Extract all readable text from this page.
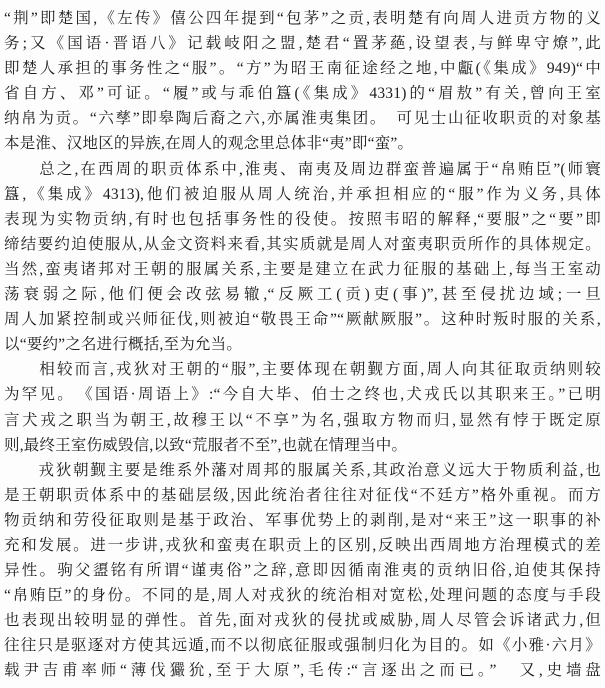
“荆”即楚国,《左传》僖公四年提到“包茅”之贡,表明楚有向周人进贡方物的义
务;又《国语·晋语八》记载岐阳之盟,楚君“置茅蕝,设望表,与鲜卑守燎”,此
即楚人承担的事务性之“服”。“方”为昭王南征途经之地,中甗(《集成》949)“中
省自方、邓”可证。“履”或与乖伯簋(《集成》4331)的“眉敖”有关,曾向王室
纳帛为贡。“六孳”即皋陶后裔之六,亦属淮夷集团。　可见士山征收职贡的对象基
本是淮、汉地区的异族,在周人的观念里总体非“夷”即“蛮”。
　　总之,在西周的职贡体系中,淮夷、南夷及周边群蛮普遍属于“帛贿臣”(师寰
簋,《集成》4313),他们被迫服从周人统治,并承担相应的“服”作为义务,具体
表现为实物贡纳,有时也包括事务性的役使。按照韦昭的解释,“要服”之“要”即
缔结要约迫使服从,从金文资料来看,其实质就是周人对蛮夷职贡所作的具体规定。
当然,蛮夷诸邦对王朝的服属关系,主要是建立在武力征服的基础上,每当王室动
荡衰弱之际,他们便会改弦易辙,“反厥工(贡)吏(事)”,甚至侵扰边域;一旦
周人加紧控制或兴师征伐,则被迫“敬畏王命”“厥献厥服”。这种时叛时服的关系,
以“要约”之名进行概括,至为允当。
　　相较而言,戎狄对王朝的“服”,主要体现在朝觐方面,周人向其征取贡纳则较
为罕见。　《国语·周语上》:“今自大毕、伯士之终也,犬戎氏以其职来王。”已明
言犬戎之职当为朝王,故穆王以“不享”为名,强取方物而归,显然有悖于既定原
则,最终王室伤威毁信,以致“荒服者不至”,也就在情理当中。
　　戎狄朝觐主要是维系外藩对周邦的服属关系,其政治意义远大于物质利益,也
是王朝职贡体系中的基础层级,因此统治者往往对征伐“不廷方”格外重视。而方
物贡纳和劳役征取则是基于政治、军事优势上的剥削,是对“来王”这一职事的补
充和发展。进一步讲,戎狄和蛮夷在职贡上的区别,反映出西周地方治理模式的差
异性。驹父盨铭有所谓“谨夷俗”之辞,意即因循南淮夷的贡纳旧俗,迫使其保持
“帛贿臣”的身份。不同的是,周人对戎狄的统治相对宽松,处理问题的态度与手段
也表现出较明显的弹性。首先,面对戎狄的侵扰或威胁,周人尽管会诉诸武力,但
往往只是驱逐对方使其远遁,而不以彻底征服或强制归化为目的。如《小雅·六月》
载尹吉甫率师“薄伐玁狁,至于大原”,毛传:“言逐出之而已。”　又,史墙盘
